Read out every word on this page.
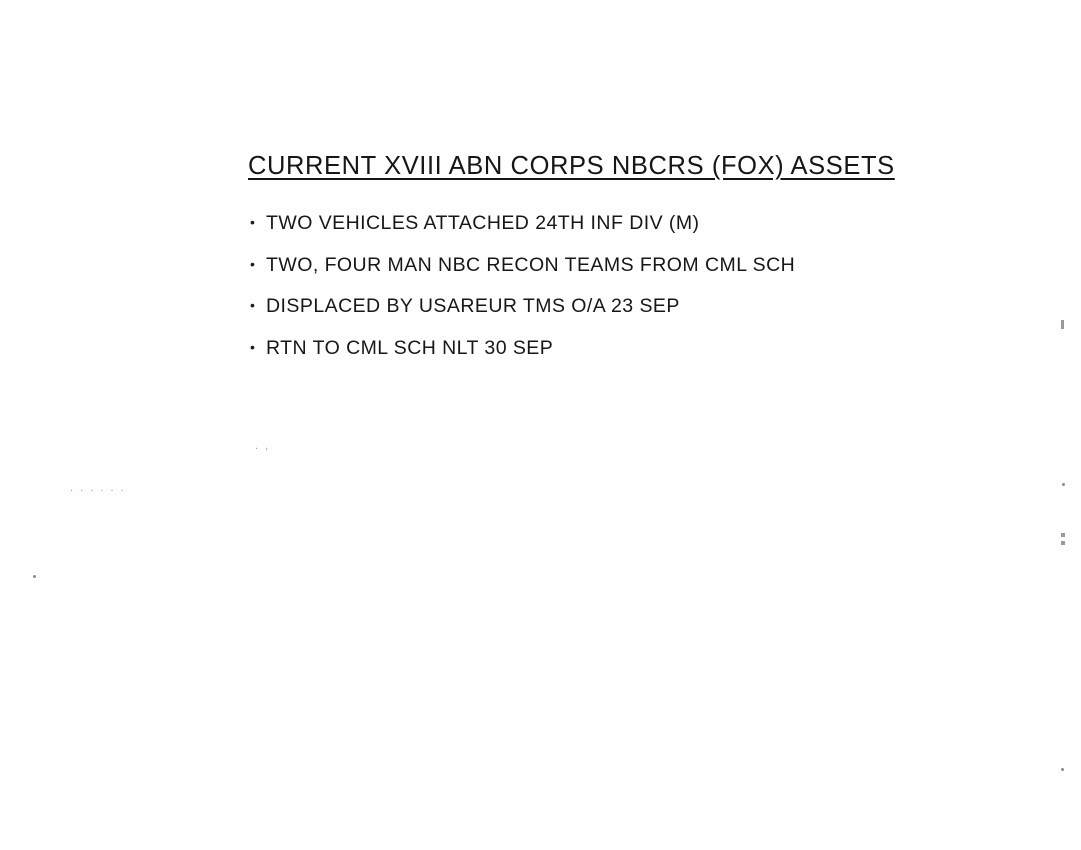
CURRENT XVIII ABN CORPS NBCRS (FOX) ASSETS
• TWO VEHICLES ATTACHED 24TH INF DIV (M)
• TWO, FOUR MAN NBC RECON TEAMS FROM CML SCH
• DISPLACED BY USAREUR TMS O/A 23 SEP
• RTN TO CML SCH NLT 30 SEP
. ,
. . . . . .
